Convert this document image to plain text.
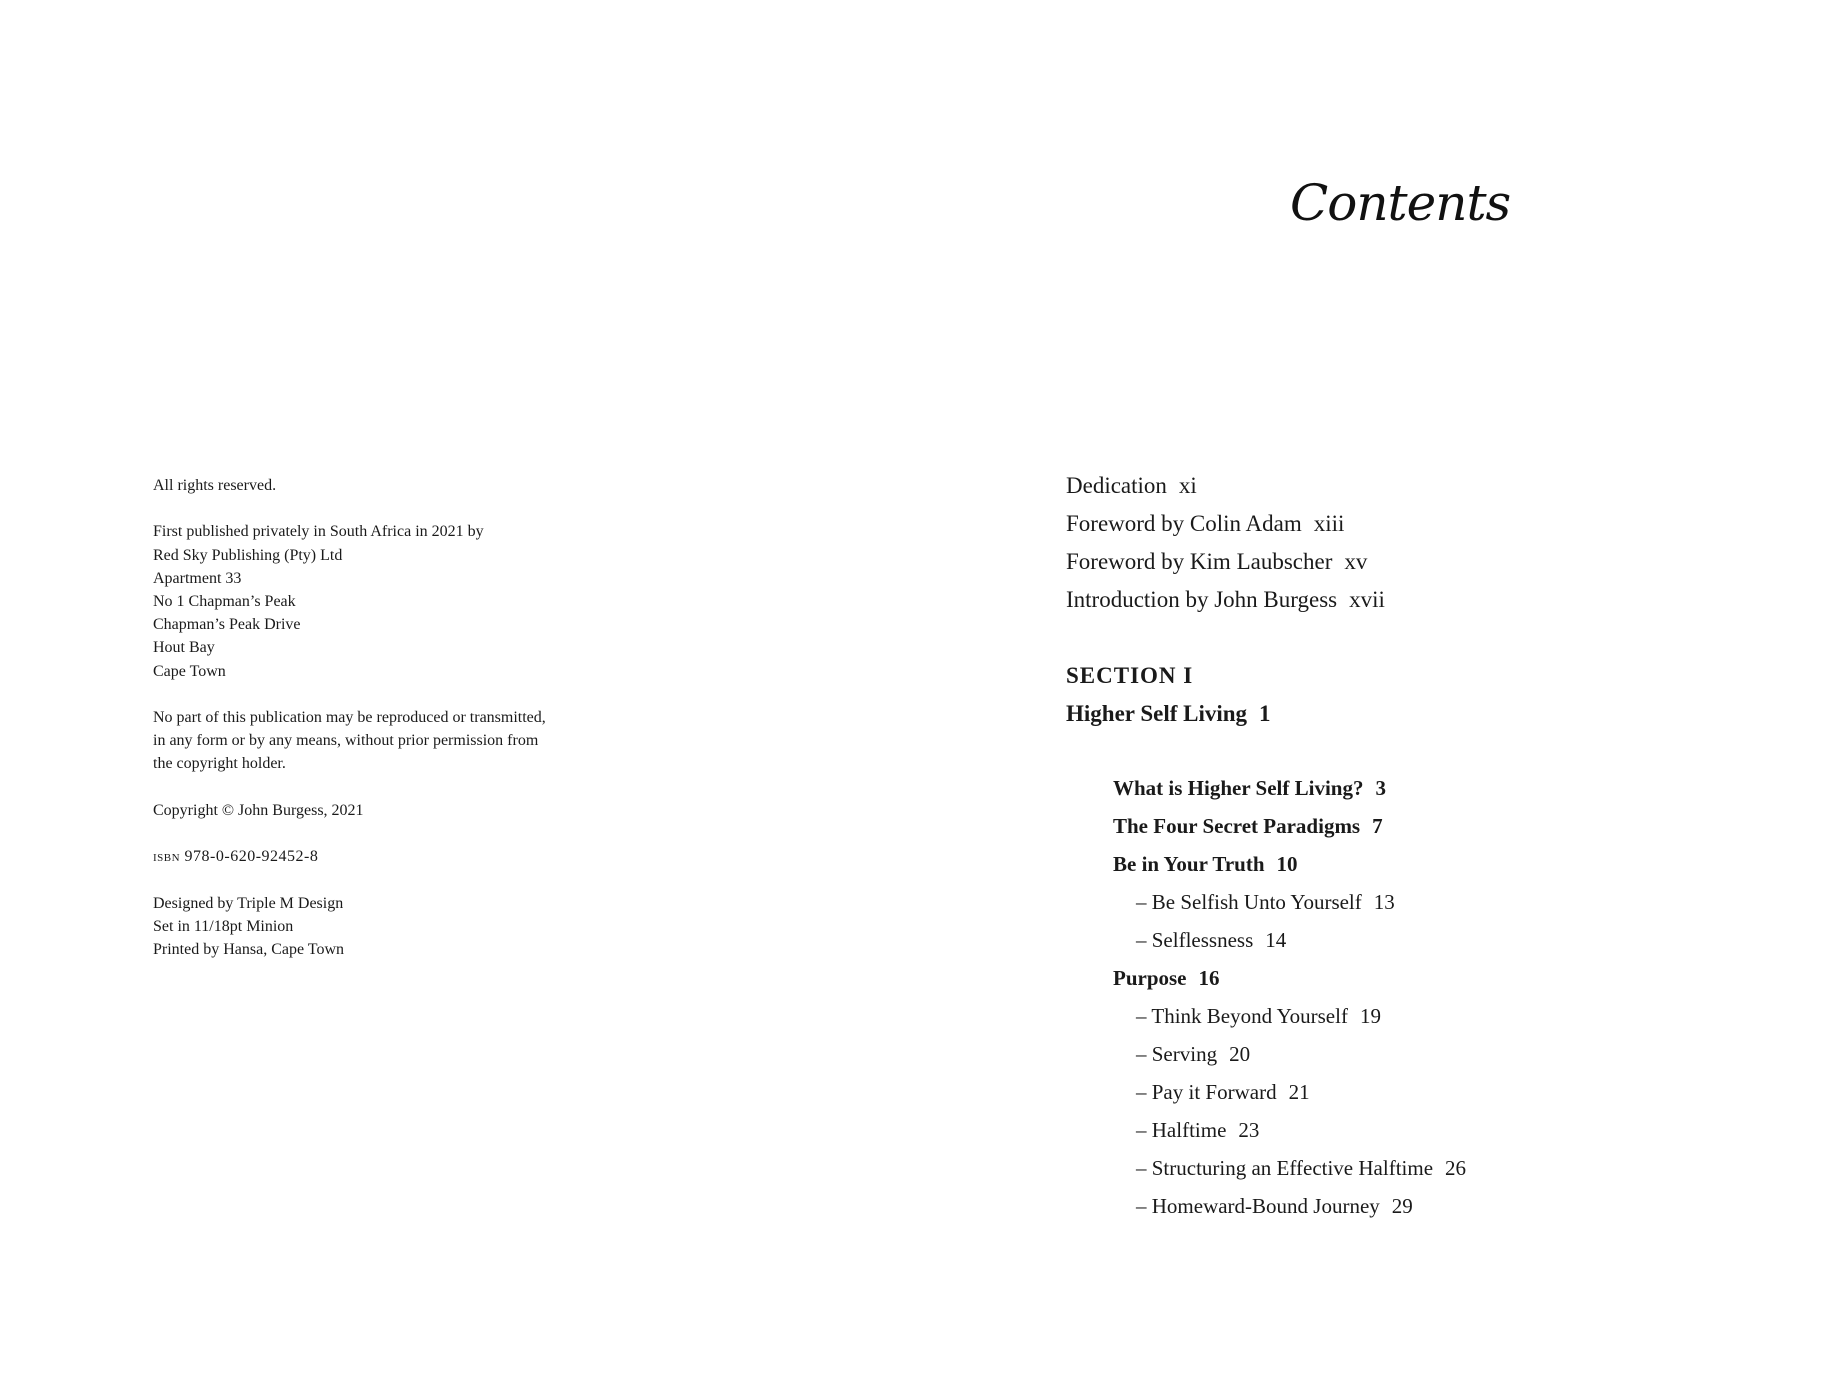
All rights reserved.
First published privately in South Africa in 2021 by
Red Sky Publishing (Pty) Ltd
Apartment 33
No 1 Chapman’s Peak
Chapman’s Peak Drive
Hout Bay
Cape Town
No part of this publication may be reproduced or transmitted,
in any form or by any means, without prior permission from
the copyright holder.
Copyright © John Burgess, 2021
isbn 978-0-620-92452-8
Designed by Triple M Design
Set in 11/18pt Minion
Printed by Hansa, Cape Town
Contents
Dedication xi
Foreword by Colin Adam xiii
Foreword by Kim Laubscher xv
Introduction by John Burgess xvii
SECTION I
Higher Self Living 1
What is Higher Self Living? 3
The Four Secret Paradigms 7
Be in Your Truth 10
– Be Selfish Unto Yourself 13
– Selflessness 14
Purpose 16
– Think Beyond Yourself 19
– Serving 20
– Pay it Forward 21
– Halftime 23
– Structuring an Effective Halftime 26
– Homeward-Bound Journey 29
